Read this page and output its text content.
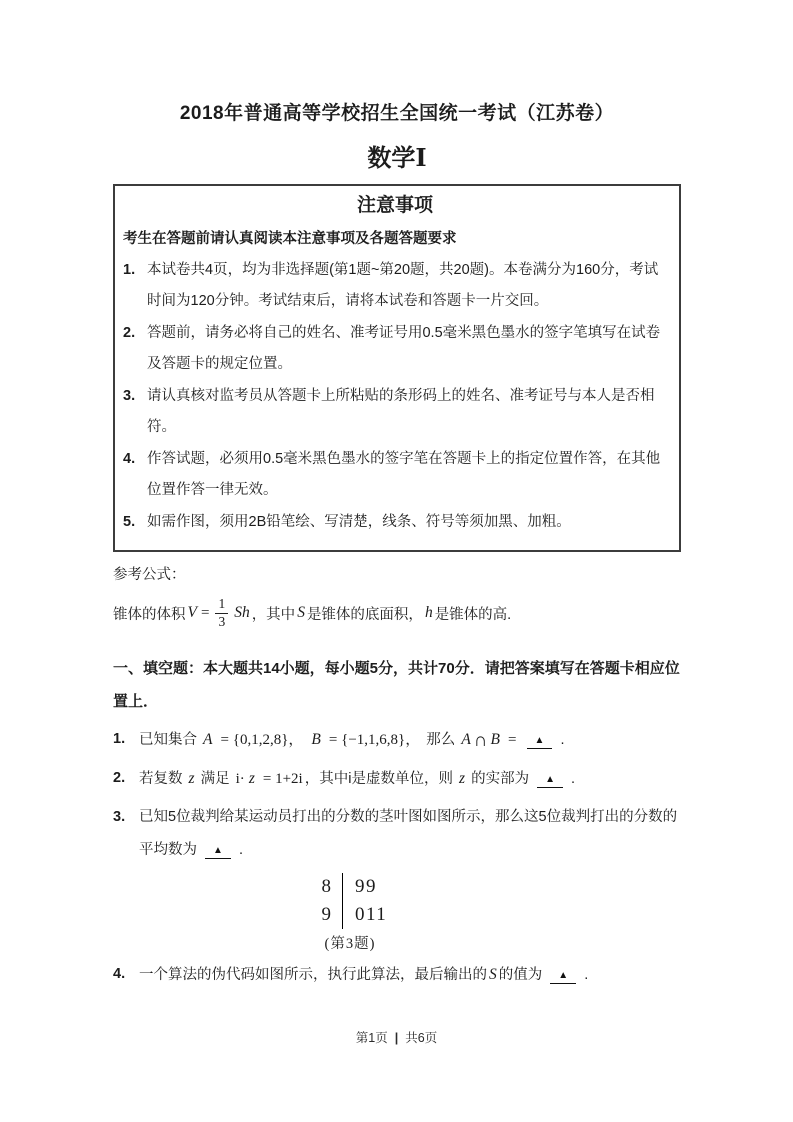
2018年普通高等学校招生全国统一考试（江苏卷）
数学Ⅰ
注意事项
考生在答题前请认真阅读本注意事项及各题答题要求
1. 本试卷共4页，均为非选择题(第1题~第20题，共20题)。本卷满分为160分，考试时间为120分钟。考试结束后，请将本试卷和答题卡一片交回。
2. 答题前，请务必将自己的姓名、准考证号用0.5毫米黑色墨水的签字笔填写在试卷及答题卡的规定位置。
3. 请认真核对监考员从答题卡上所粘贴的条形码上的姓名、准考证号与本人是否相符。
4. 作答试题，必须用0.5毫米黑色墨水的签字笔在答题卡上的指定位置作答，在其他位置作答一律无效。
5. 如需作图，须用2B铅笔绘、写清楚，线条、符号等须加黑、加粗。
参考公式：
锥体的体积 $V = \frac{1}{3}$ Sh ，其中 S 是锥体的底面积， h 是锥体的高.
一、填空题：本大题共14小题，每小题5分，共计70分．请把答案填写在答题卡相应位置上．
1. 已知集合 A = {0,1,2,8}， B = {−1,1,6,8}， 那么 A ∩ B = ▲ .
2. 若复数 z 满足 i· z = 1+2i ，其中i是虚数单位，则 z 的实部为 ▲ .
3. 已知5位裁判给某运动员打出的分数的茎叶图如图所示，那么这5位裁判打出的分数的平均数为 ▲ .
8	99
9	011
(第3题)
4. 一个算法的伪代码如图所示，执行此算法，最后输出的 S 的值为 ▲ .
第1页 | 共6页
